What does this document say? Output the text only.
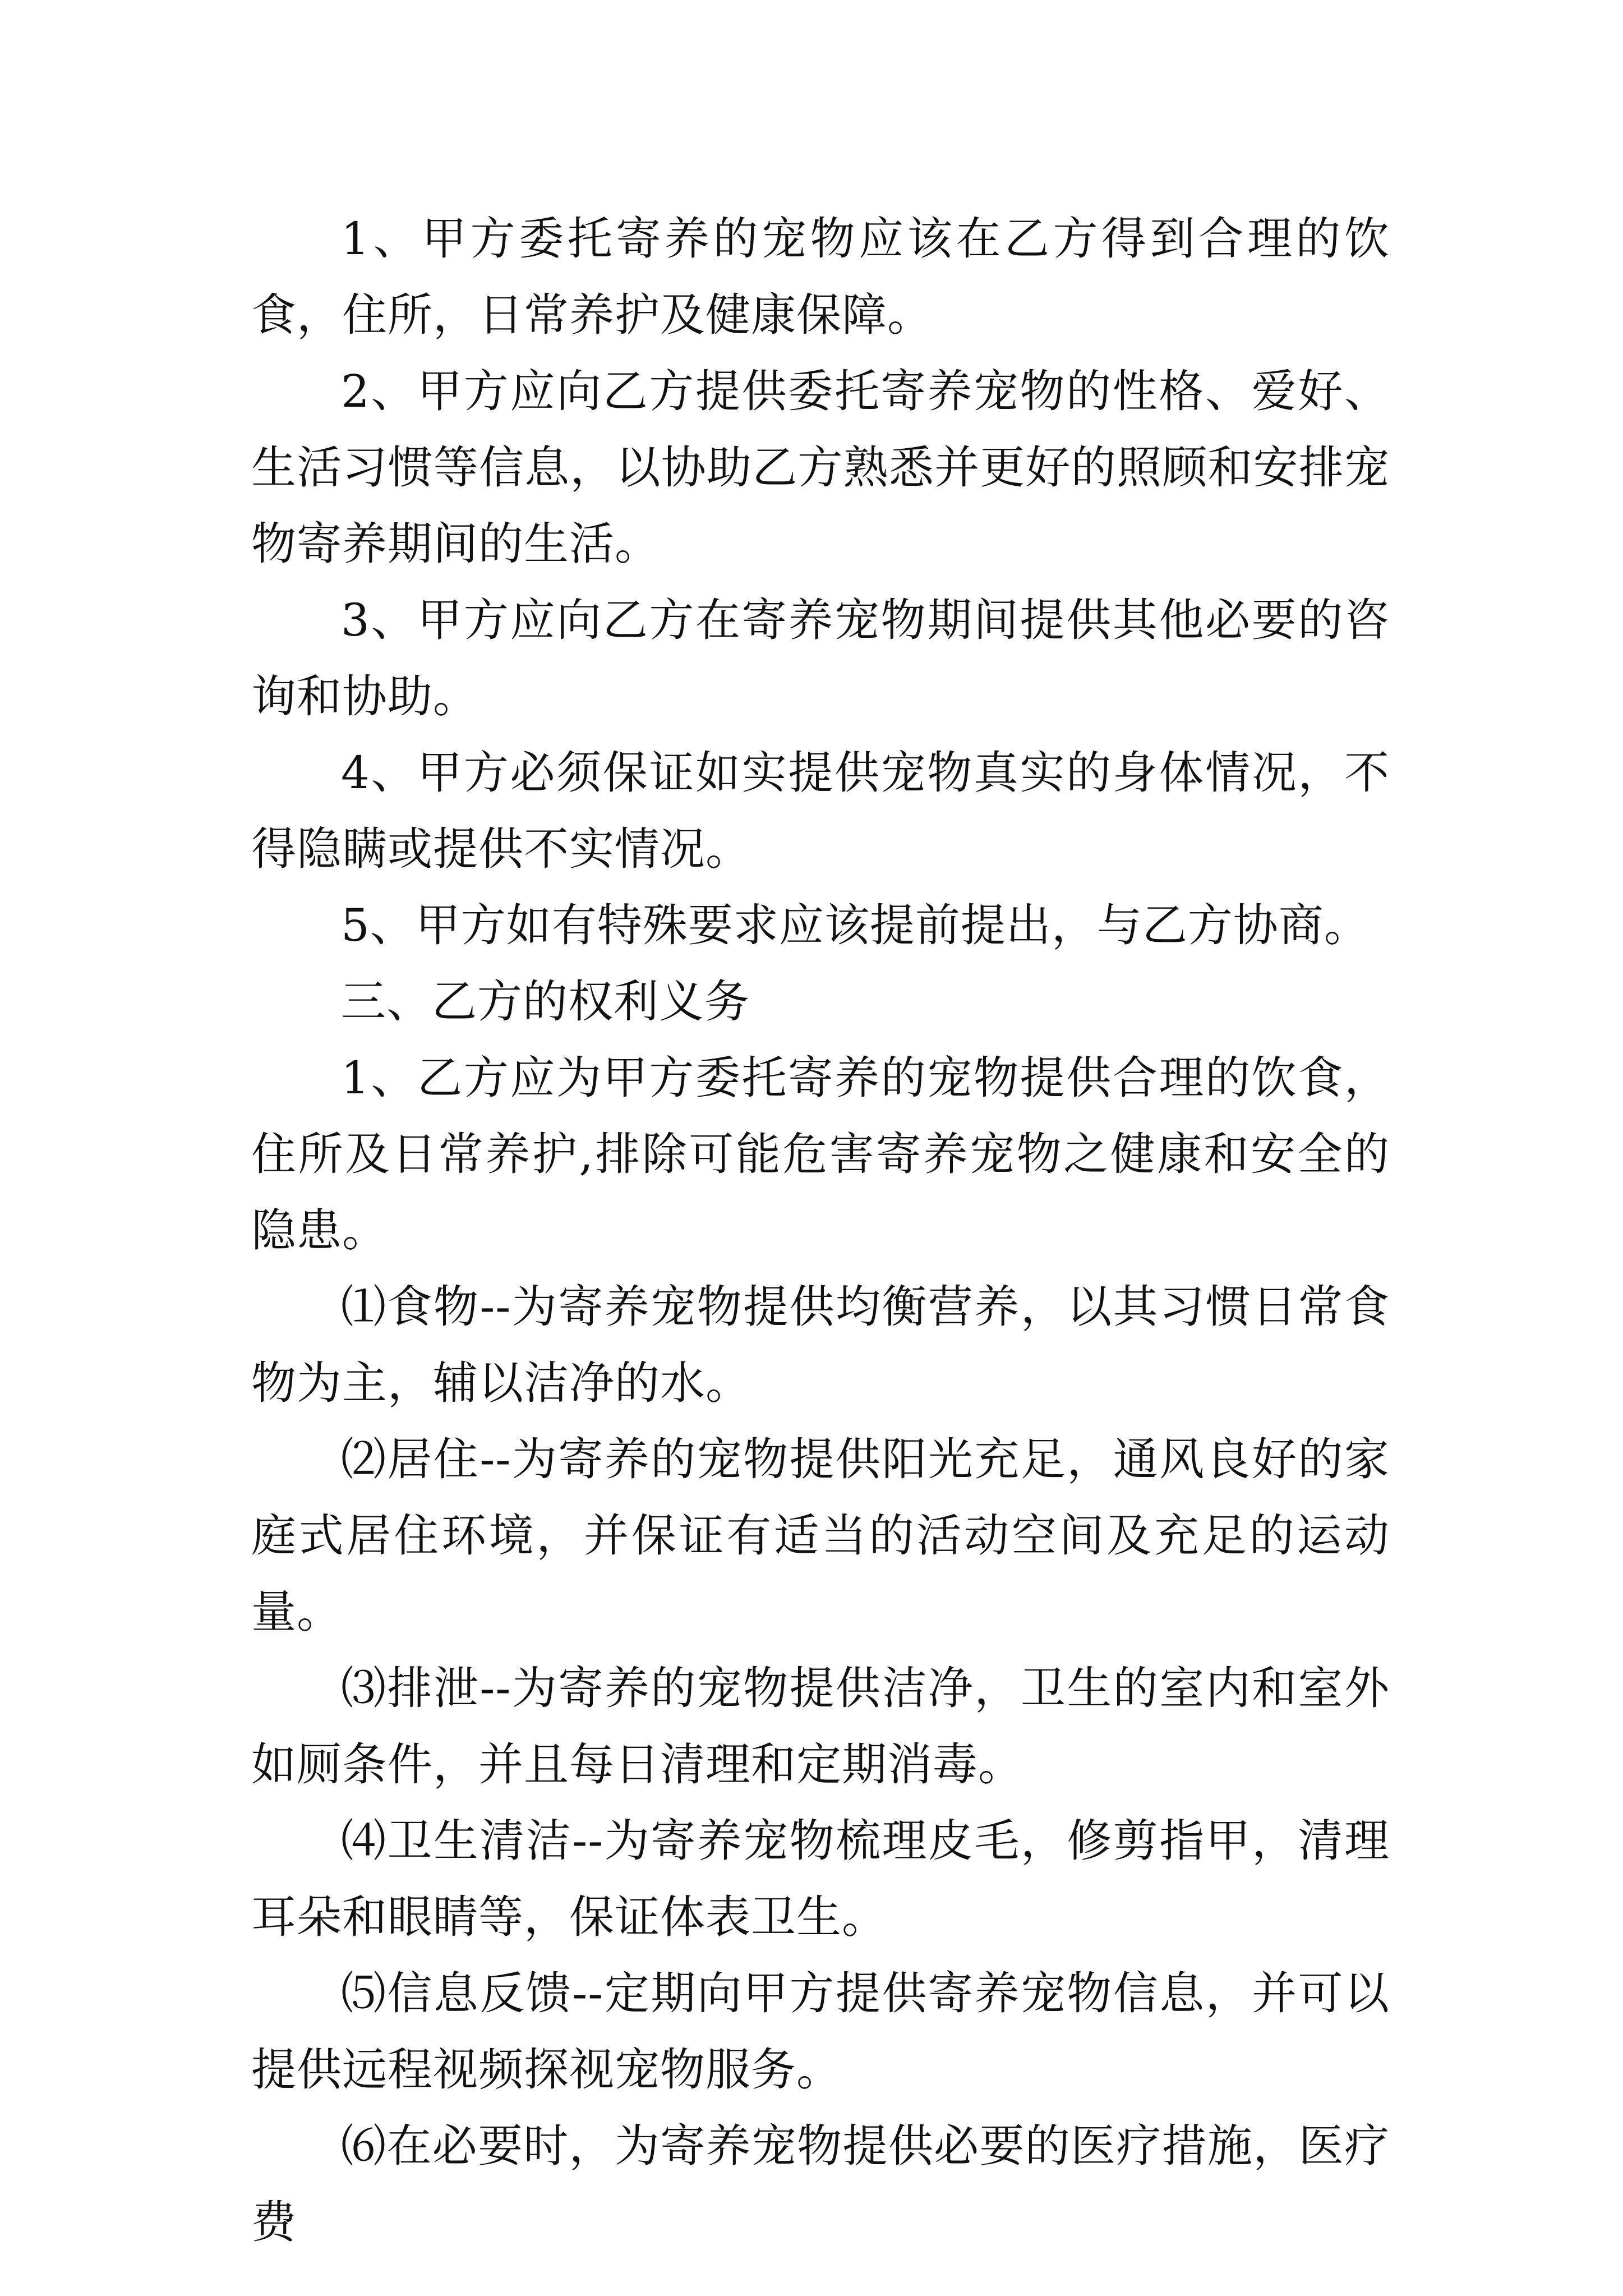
1、甲方委托寄养的宠物应该在乙方得到合理的饮食，住所，日常养护及健康保障。

2、甲方应向乙方提供委托寄养宠物的性格、爱好、生活习惯等信息，以协助乙方熟悉并更好的照顾和安排宠物寄养期间的生活。

3、甲方应向乙方在寄养宠物期间提供其他必要的咨询和协助。

4、甲方必须保证如实提供宠物真实的身体情况，不得隐瞒或提供不实情况。

5、甲方如有特殊要求应该提前提出，与乙方协商。

三、乙方的权利义务

1、乙方应为甲方委托寄养的宠物提供合理的饮食，住所及日常养护,排除可能危害寄养宠物之健康和安全的隐患。

⑴食物--为寄养宠物提供均衡营养，以其习惯日常食物为主，辅以洁净的水。

⑵居住--为寄养的宠物提供阳光充足，通风良好的家庭式居住环境，并保证有适当的活动空间及充足的运动量。

⑶排泄--为寄养的宠物提供洁净，卫生的室内和室外如厕条件，并且每日清理和定期消毒。

⑷卫生清洁--为寄养宠物梳理皮毛，修剪指甲，清理耳朵和眼睛等，保证体表卫生。

⑸信息反馈--定期向甲方提供寄养宠物信息，并可以提供远程视频探视宠物服务。

⑹在必要时，为寄养宠物提供必要的医疗措施，医疗费
